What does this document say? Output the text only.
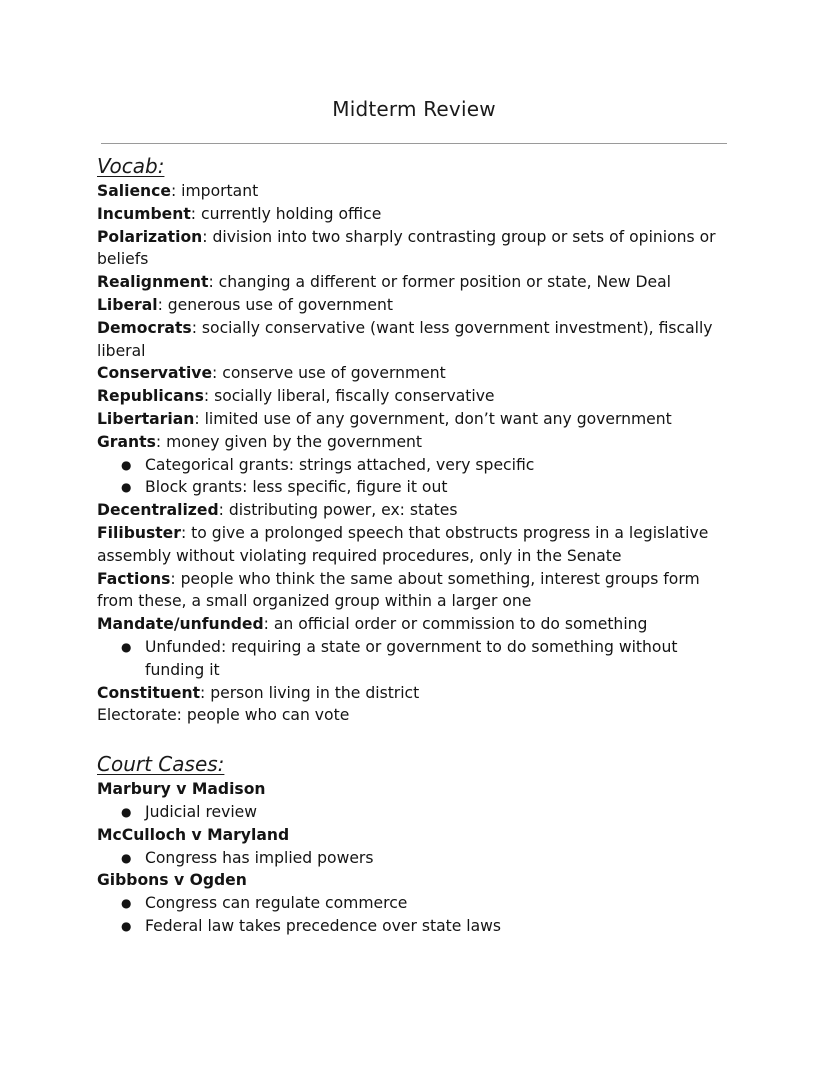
Midterm Review

Vocab:

Salience: important

Incumbent: currently holding office

Polarization: division into two sharply contrasting group or sets of opinions or beliefs

Realignment: changing a different or former position or state, New Deal

Liberal: generous use of government

Democrats: socially conservative (want less government investment), fiscally liberal

Conservative: conserve use of government

Republicans: socially liberal, fiscally conservative

Libertarian: limited use of any government, don’t want any government

Grants: money given by the government

● Categorical grants: strings attached, very specific
● Block grants: less specific, figure it out

Decentralized: distributing power, ex: states

Filibuster: to give a prolonged speech that obstructs progress in a legislative assembly without violating required procedures, only in the Senate

Factions: people who think the same about something, interest groups form from these, a small organized group within a larger one

Mandate/unfunded: an official order or commission to do something

● Unfunded: requiring a state or government to do something without funding it

Constituent: person living in the district

Electorate: people who can vote

Court Cases:

Marbury v Madison

● Judicial review

McCulloch v Maryland

● Congress has implied powers

Gibbons v Ogden

● Congress can regulate commerce
● Federal law takes precedence over state laws
